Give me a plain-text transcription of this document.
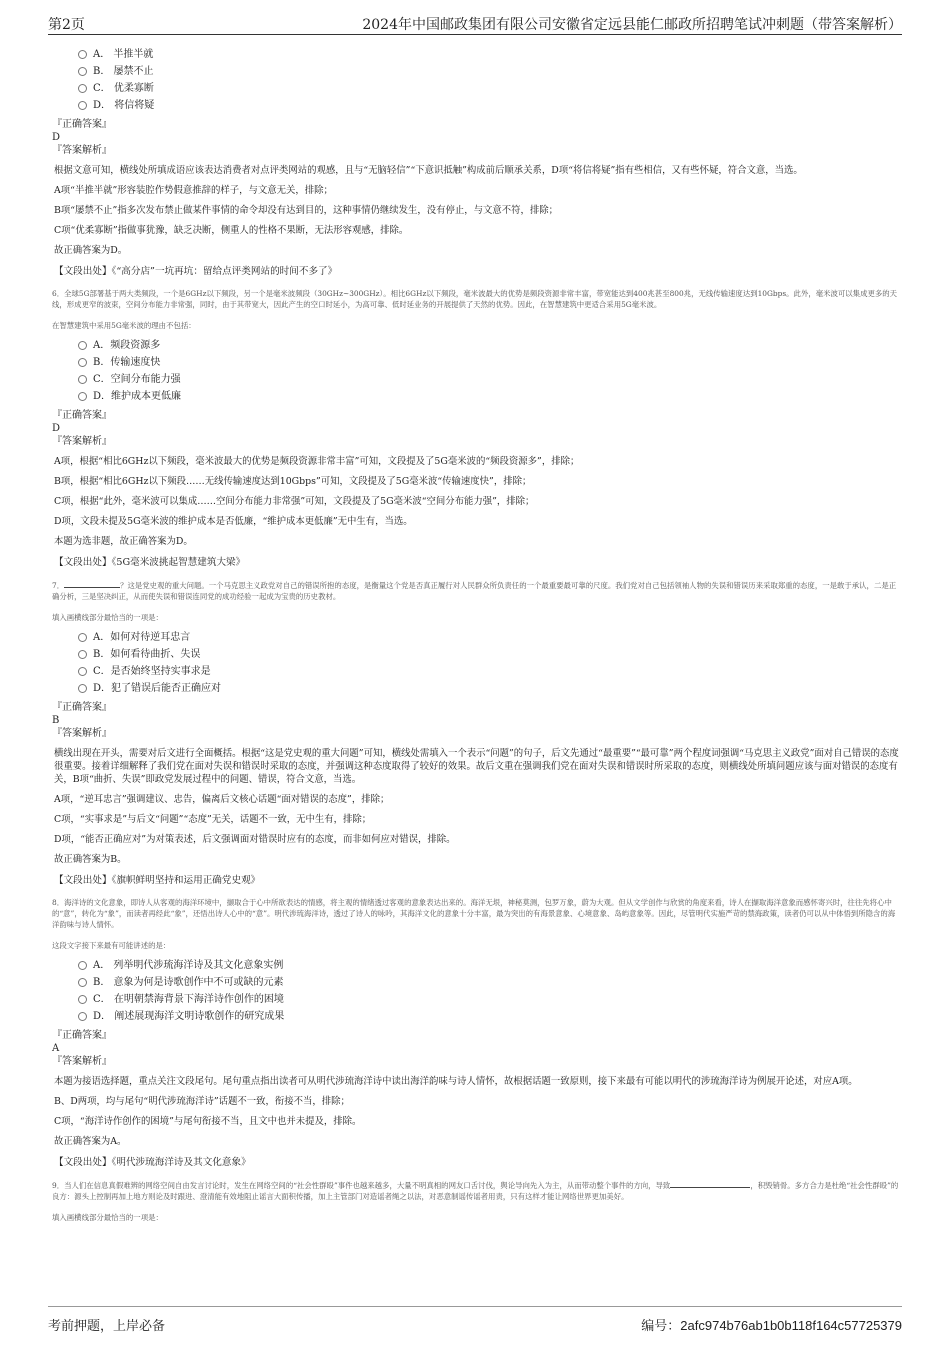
第2页	2024年中国邮政集团有限公司安徽省定远县能仁邮政所招聘笔试冲刺题（带答案解析）
A． 半推半就
B． 屡禁不止
C． 优柔寡断
D． 将信将疑
『正确答案』
D
『答案解析』
根据文意可知，横线处所填成语应该表达消费者对点评类网站的观感，且与“无脑轻信”“下意识抵触”构成前后顺承关系，D项“将信将疑”指有些相信，又有些怀疑，符合文意，当选。
A项“半推半就”形容装腔作势假意推辞的样子，与文意无关，排除；
B项“屡禁不止”指多次发布禁止做某件事情的命令却没有达到目的，这种事情仍继续发生，没有停止，与文意不符，排除；
C项“优柔寡断”指做事犹豫，缺乏决断，侧重人的性格不果断，无法形容观感，排除。
故正确答案为D。
【文段出处】《“高分店”一坑再坑：留给点评类网站的时间不多了》
6．全球5G部署基于两大类频段，一个是6GHz以下频段，另一个是毫米波频段（30GHz~300GHz）。相比6GHz以下频段，毫米波最大的优势是频段资源非常丰富，带宽能达到400兆甚至800兆，无线传输速度达到10Gbps。此外，毫米波可以集成更多的天线，形成更窄的波束，空间分布能力非常强，同时，由于其带宽大，因此产生的空口时延小，为高可靠、低时延业务的开展提供了天然的优势。因此，在智慧建筑中更适合采用5G毫米波。
在智慧建筑中采用5G毫米波的理由不包括：
A．频段资源多
B．传输速度快
C．空间分布能力强
D．维护成本更低廉
『正确答案』
D
『答案解析』
A项，根据“相比6GHz以下频段，毫米波最大的优势是频段资源非常丰富”可知，文段提及了5G毫米波的“频段资源多”，排除；
B项，根据“相比6GHz以下频段……无线传输速度达到10Gbps”可知，文段提及了5G毫米波“传输速度快”，排除；
C项，根据“此外，毫米波可以集成……空间分布能力非常强”可知，文段提及了5G毫米波“空间分布能力强”，排除；
D项，文段未提及5G毫米波的维护成本是否低廉，“维护成本更低廉”无中生有，当选。
本题为选非题，故正确答案为D。
【文段出处】《5G毫米波挑起智慧建筑大梁》
7．	？这是党史观的重大问题。一个马克思主义政党对自己的错误所抱的态度，是衡量这个党是否真正履行对人民群众所负责任的一个最重要最可靠的尺度。我们党对自己包括领袖人物的失误和错误历来采取郑重的态度，一是敢于承认，二是正确分析，三是坚决纠正，从而使失误和错误连同党的成功经验一起成为宝贵的历史教材。
填入画横线部分最恰当的一项是：
A．如何对待逆耳忠言
B．如何看待曲折、失误
C．是否始终坚持实事求是
D．犯了错误后能否正确应对
『正确答案』
B
『答案解析』
横线出现在开头，需要对后文进行全面概括。根据“这是党史观的重大问题”可知，横线处需填入一个表示“问题”的句子，后文先通过“最重要”“最可靠”两个程度词强调“马克思主义政党”面对自己错误的态度很重要。接着详细解释了我们党在面对失误和错误时采取的态度，并强调这种态度取得了较好的效果。故后文重在强调我们党在面对失误和错误时所采取的态度，则横线处所填问题应该与面对错误的态度有关，B项“曲折、失误”即政党发展过程中的问题、错误，符合文意，当选。
A项，“逆耳忠言”强调建议、忠告，偏离后文核心话题“面对错误的态度”，排除；
C项，“实事求是”与后文“问题”“态度”无关，话题不一致，无中生有，排除；
D项，“能否正确应对”为对策表述，后文强调面对错误时应有的态度，而非如何应对错误，排除。
故正确答案为B。
【文段出处】《旗帜鲜明坚持和运用正确党史观》
8．海洋诗的文化意象，即诗人从客观的海洋环境中，撷取合于心中所欲表达的情感，将主观的情绪透过客观的意象表达出来的。海洋无垠，神秘莫测，包罗万象，蔚为大观。但从文学创作与欣赏的角度来看，诗人在撷取海洋意象而感怀寄兴时，往往先将心中的“意”，转化为“象”，而读者再经此“象”，还悟出诗人心中的“意”。明代涉琉海洋诗，透过了诗人的咏吟，其海洋文化的意象十分丰富，最为突出的有海景意象、心境意象、岛屿意象等。因此，尽管明代实施严苛的禁海政策，读者仍可以从中体悟到所隐含的海洋韵味与诗人情怀。
这段文字接下来最有可能讲述的是：
A． 列举明代涉琉海洋诗及其文化意象实例
B． 意象为何是诗歌创作中不可或缺的元素
C． 在明朝禁海背景下海洋诗作创作的困境
D． 阐述展现海洋文明诗歌创作的研究成果
『正确答案』
A
『答案解析』
本题为接语选择题，重点关注文段尾句。尾句重点指出读者可从明代涉琉海洋诗中读出海洋韵味与诗人情怀，故根据话题一致原则，接下来最有可能以明代的涉琉海洋诗为例展开论述，对应A项。
B、D两项，均与尾句“明代涉琉海洋诗”话题不一致，衔接不当，排除；
C项，“海洋诗作创作的困境”与尾句衔接不当，且文中也并未提及，排除。
故正确答案为A。
【文段出处】《明代涉琉海洋诗及其文化意象》
9．当人们在信息真假难辨的网络空间自由发言讨论时，发生在网络空间的“社会性群殴”事件也越来越多，大量不明真相的网友口舌讨伐，舆论导向先入为主，从而带动整个事件的方向，导致	，积毁销骨。多方合力是杜绝“社会性群殴”的良方：源头上控制再加上地方则论及时跟进、澄清能有效地阻止谣言大面积传播，加上主管部门对造谣者绳之以法，对恶意制谣传谣者用责，只有这样才能让网络世界更加美好。
填入画横线部分最恰当的一项是：
考前押题，上岸必备	编号：2afc974b76ab1b0b118f164c57725379
